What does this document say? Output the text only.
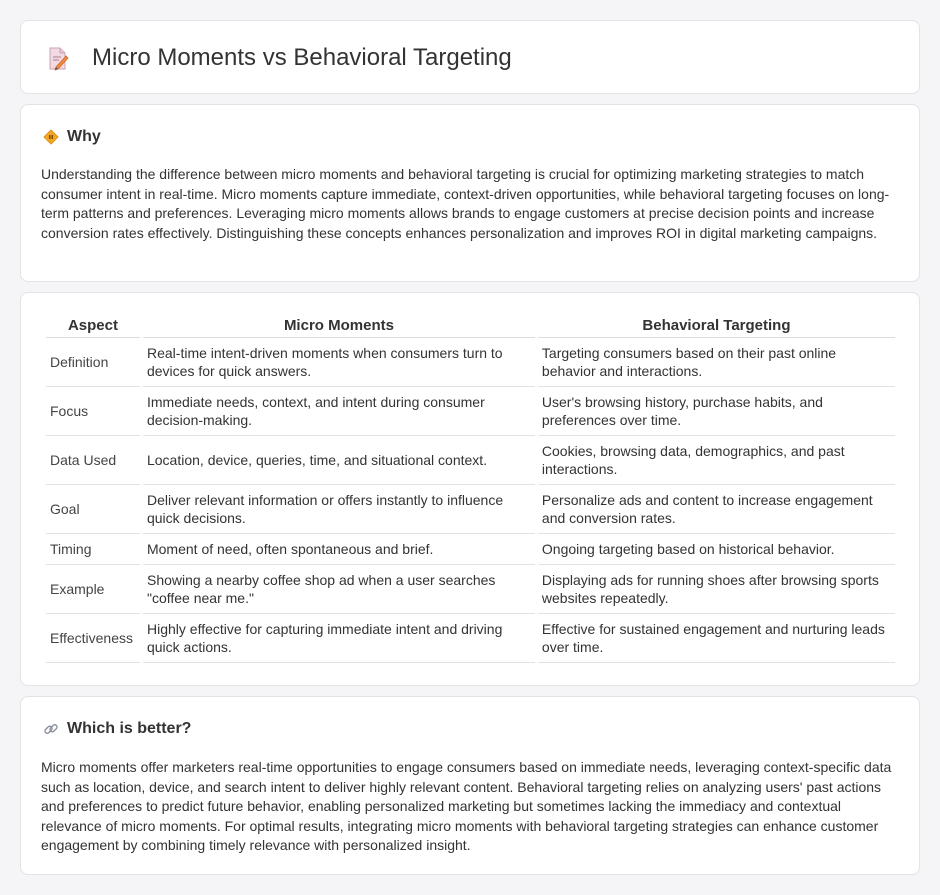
Micro Moments vs Behavioral Targeting
Why

Understanding the difference between micro moments and behavioral targeting is crucial for optimizing marketing strategies to match consumer intent in real-time. Micro moments capture immediate, context-driven opportunities, while behavioral targeting focuses on long-term patterns and preferences. Leveraging micro moments allows brands to engage customers at precise decision points and increase conversion rates effectively. Distinguishing these concepts enhances personalization and improves ROI in digital marketing campaigns.

Aspect	Micro Moments	Behavioral Targeting
Definition	Real-time intent-driven moments when consumers turn to devices for quick answers.	Targeting consumers based on their past online behavior and interactions.
Focus	Immediate needs, context, and intent during consumer decision-making.	User's browsing history, purchase habits, and preferences over time.
Data Used	Location, device, queries, time, and situational context.	Cookies, browsing data, demographics, and past interactions.
Goal	Deliver relevant information or offers instantly to influence quick decisions.	Personalize ads and content to increase engagement and conversion rates.
Timing	Moment of need, often spontaneous and brief.	Ongoing targeting based on historical behavior.
Example	Showing a nearby coffee shop ad when a user searches "coffee near me."	Displaying ads for running shoes after browsing sports websites repeatedly.
Effectiveness	Highly effective for capturing immediate intent and driving quick actions.	Effective for sustained engagement and nurturing leads over time.
Which is better?

Micro moments offer marketers real-time opportunities to engage consumers based on immediate needs, leveraging context-specific data such as location, device, and search intent to deliver highly relevant content. Behavioral targeting relies on analyzing users' past actions and preferences to predict future behavior, enabling personalized marketing but sometimes lacking the immediacy and contextual relevance of micro moments. For optimal results, integrating micro moments with behavioral targeting strategies can enhance customer engagement by combining timely relevance with personalized insight.
